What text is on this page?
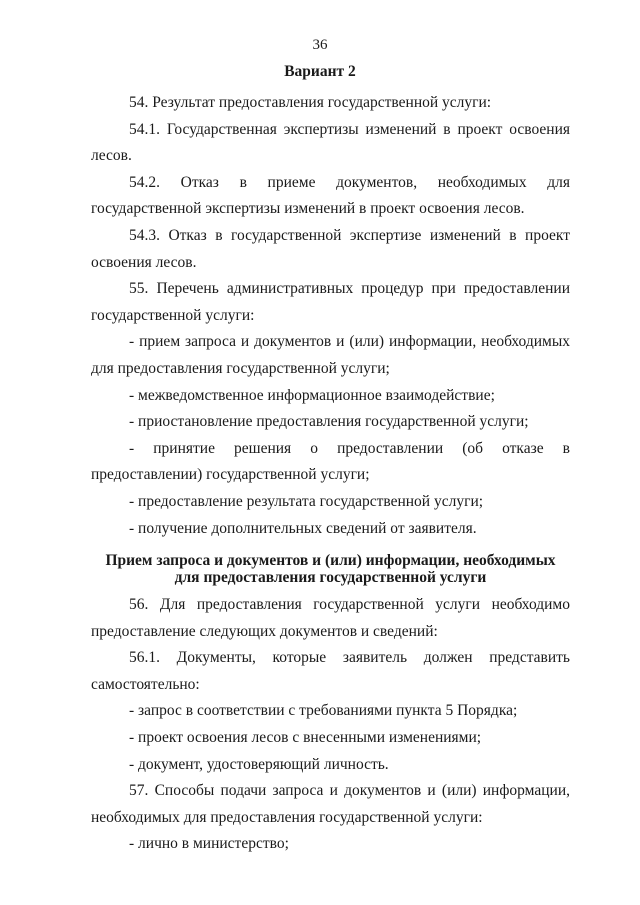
36
Вариант 2

54. Результат предоставления государственной услуги:

54.1. Государственная экспертизы изменений в проект освоения лесов.

54.2. Отказ в приеме документов, необходимых для государственной экспертизы изменений в проект освоения лесов.

54.3. Отказ в государственной экспертизе изменений в проект освоения лесов.

55. Перечень административных процедур при предоставлении государственной услуги:

- прием запроса и документов и (или) информации, необходимых для предоставления государственной услуги;

- межведомственное информационное взаимодействие;

- приостановление предоставления государственной услуги;

- принятие решения о предоставлении (об отказе в предоставлении) государственной услуги;

- предоставление результата государственной услуги;

- получение дополнительных сведений от заявителя.

Прием запроса и документов и (или) информации, необходимых
для предоставления государственной услуги

56. Для предоставления государственной услуги необходимо предоставление следующих документов и сведений:

56.1. Документы, которые заявитель должен представить самостоятельно:

- запрос в соответствии с требованиями пункта 5 Порядка;

- проект освоения лесов с внесенными изменениями;

- документ, удостоверяющий личность.

57. Способы подачи запроса и документов и (или) информации, необходимых для предоставления государственной услуги:

- лично в министерство;
